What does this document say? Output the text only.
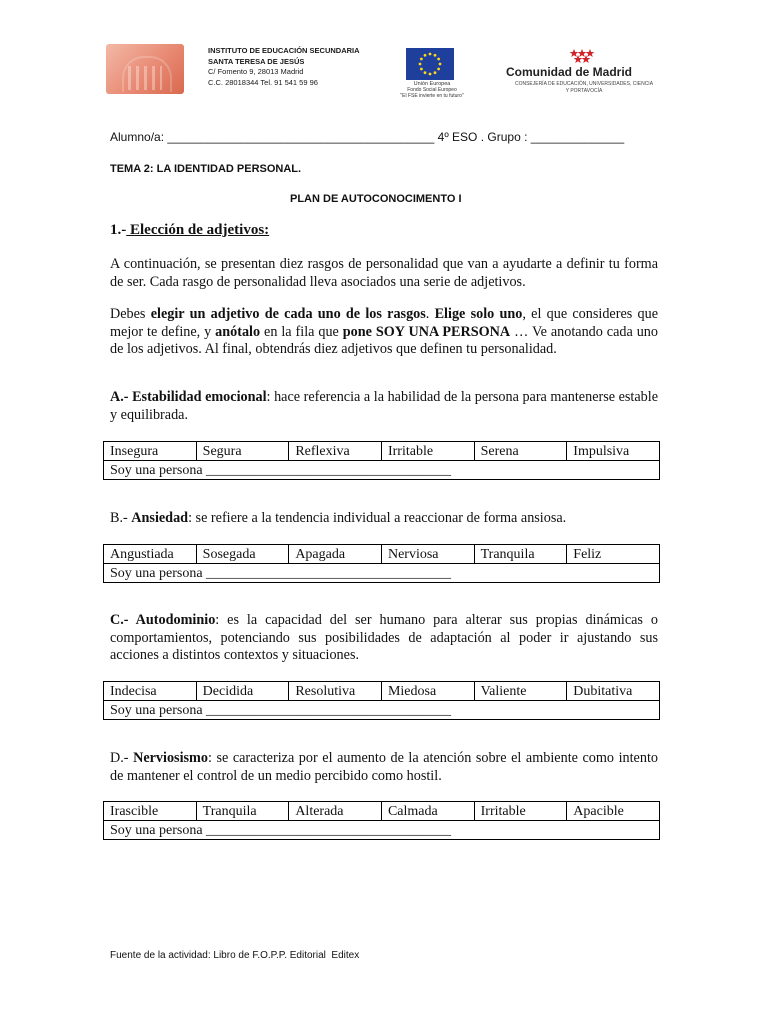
INSTITUTO DE EDUCACIÓN SECUNDARIA
SANTA TERESA DE JESÚS
C/ Fomento 9, 28013 Madrid
C.C. 28018344 Tel. 91 541 59 96	Unión Europea
Fondo Social Europeo
"El FSE invierte en tu futuro"
Comunidad de Madrid
CONSEJERÍA DE EDUCACIÓN, UNIVERSIDADES, CIENCIA Y PORTAVOCÍA
Alumno/a: ________________________________________ 4º ESO . Grupo : ______________
TEMA 2: LA IDENTIDAD PERSONAL.
PLAN DE AUTOCONOCIMENTO I
1.- Elección de adjetivos:
A continuación, se presentan diez rasgos de personalidad que van a ayudarte a definir tu forma de ser. Cada rasgo de personalidad lleva asociados una serie de adjetivos.
Debes elegir un adjetivo de cada uno de los rasgos. Elige solo uno, el que consideres que mejor te define, y anótalo en la fila que pone SOY UNA PERSONA … Ve anotando cada uno de los adjetivos. Al final, obtendrás diez adjetivos que definen tu personalidad.
A.- Estabilidad emocional: hace referencia a la habilidad de la persona para mantenerse estable y equilibrada.
Insegura	Segura	Reflexiva	Irritable	Serena	Impulsiva
Soy una persona ___________________________________
B.- Ansiedad: se refiere a la tendencia individual a reaccionar de forma ansiosa.
Angustiada	Sosegada	Apagada	Nerviosa	Tranquila	Feliz
Soy una persona ___________________________________
C.- Autodominio: es la capacidad del ser humano para alterar sus propias dinámicas o comportamientos, potenciando sus posibilidades de adaptación al poder ir ajustando sus acciones a distintos contextos y situaciones.
Indecisa	Decidida	Resolutiva	Miedosa	Valiente	Dubitativa
Soy una persona ___________________________________
D.- Nerviosismo: se caracteriza por el aumento de la atención sobre el ambiente como intento de mantener el control de un medio percibido como hostil.
Irascible	Tranquila	Alterada	Calmada	Irritable	Apacible
Soy una persona ___________________________________
Fuente de la actividad: Libro de F.O.P.P. Editorial  Editex
